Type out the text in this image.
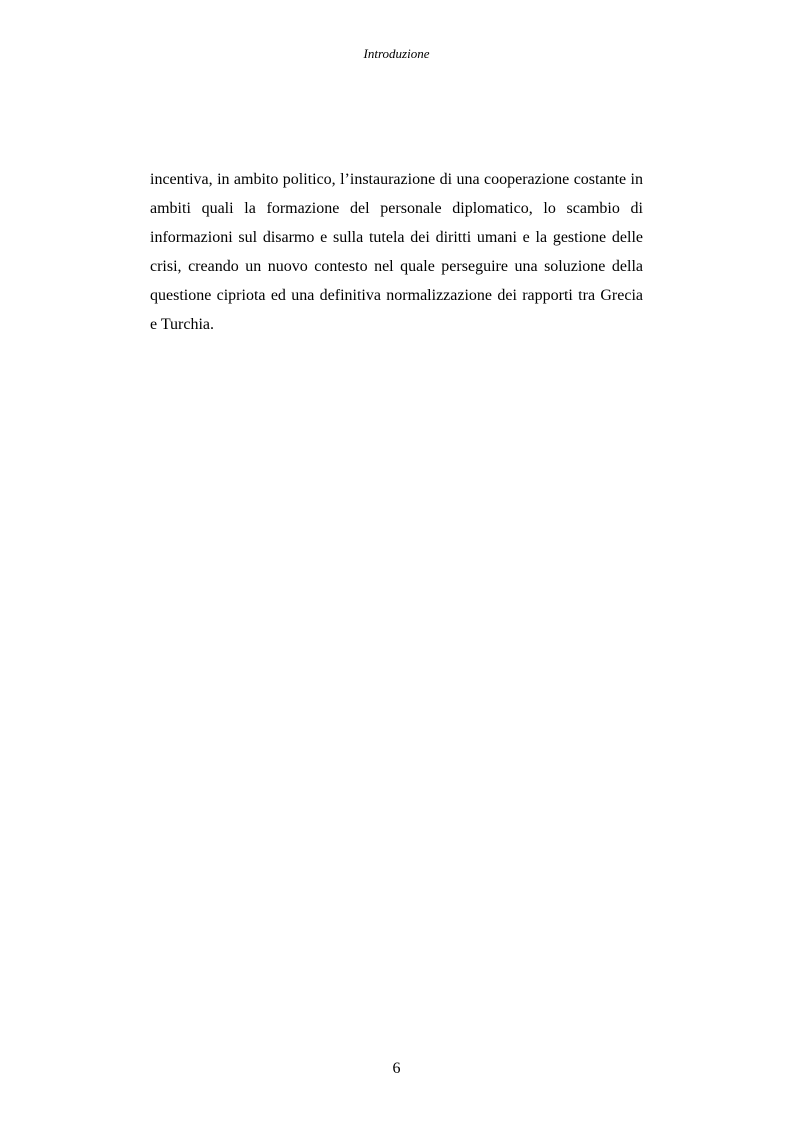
Introduzione

incentiva, in ambito politico, l’instaurazione di una cooperazione costante in
ambiti quali la formazione del personale diplomatico, lo scambio di
informazioni sul disarmo e sulla tutela dei diritti umani e la gestione delle
crisi, creando un nuovo contesto nel quale perseguire una soluzione della
questione cipriota ed una definitiva normalizzazione dei rapporti tra Grecia
e Turchia.

6
